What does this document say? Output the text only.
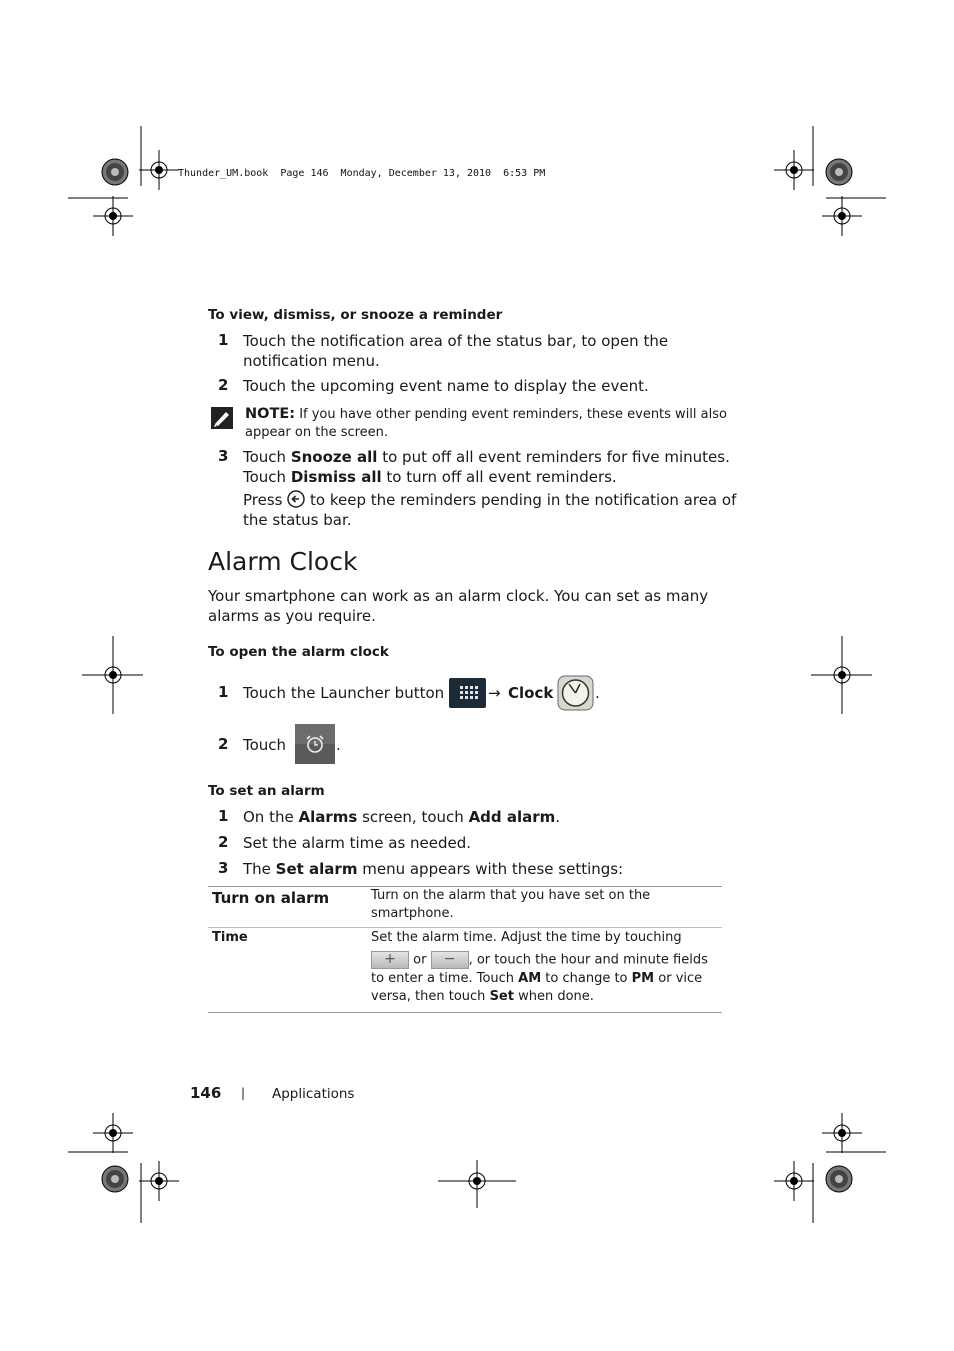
Thunder_UM.book  Page 146  Monday, December 13, 2010  6:53 PM
To view, dismiss, or snooze a reminder
1 Touch the notification area of the status bar, to open the
notification menu.
2 Touch the upcoming event name to display the event.
NOTE: If you have other pending event reminders, these events will also
appear on the screen.
3 Touch Snooze all to put off all event reminders for five minutes.
Touch Dismiss all to turn off all event reminders.
Press  to keep the reminders pending in the notification area of
the status bar.
Alarm Clock
Your smartphone can work as an alarm clock. You can set as many
alarms as you require.
To open the alarm clock
1 Touch the Launcher button	→ Clock	.
2 Touch	.
To set an alarm
1 On the Alarms screen, touch Add alarm.
2 Set the alarm time as needed.
3 The Set alarm menu appears with these settings:
Turn on alarm	Turn on the alarm that you have set on the
smartphone.
Time	Set the alarm time. Adjust the time by touching
+	or	−	, or touch the hour and minute fields
to enter a time. Touch AM to change to PM or vice
versa, then touch Set when done.
146 | Applications
